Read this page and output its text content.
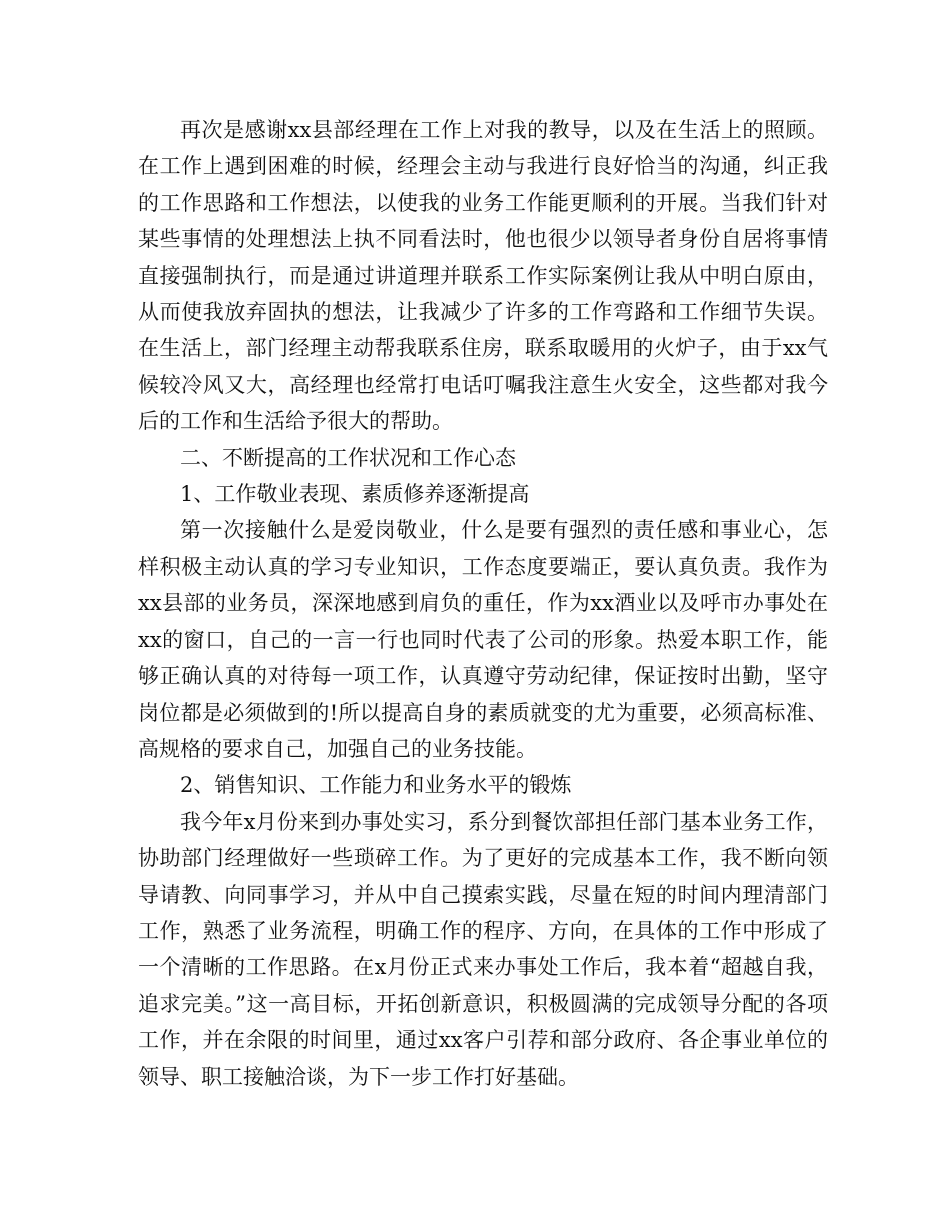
再次是感谢xx县部经理在工作上对我的教导，以及在生活上的照顾。在工作上遇到困难的时候，经理会主动与我进行良好恰当的沟通，纠正我的工作思路和工作想法，以使我的业务工作能更顺利的开展。当我们针对某些事情的处理想法上执不同看法时，他也很少以领导者身份自居将事情直接强制执行，而是通过讲道理并联系工作实际案例让我从中明白原由，从而使我放弃固执的想法，让我减少了许多的工作弯路和工作细节失误。在生活上，部门经理主动帮我联系住房，联系取暖用的火炉子，由于xx气候较冷风又大，高经理也经常打电话叮嘱我注意生火安全，这些都对我今后的工作和生活给予很大的帮助。

二、不断提高的工作状况和工作心态

1、工作敬业表现、素质修养逐渐提高

第一次接触什么是爱岗敬业，什么是要有强烈的责任感和事业心，怎样积极主动认真的学习专业知识，工作态度要端正，要认真负责。我作为xx县部的业务员，深深地感到肩负的重任，作为xx酒业以及呼市办事处在xx的窗口，自己的一言一行也同时代表了公司的形象。热爱本职工作，能够正确认真的对待每一项工作，认真遵守劳动纪律，保证按时出勤，坚守岗位都是必须做到的!所以提高自身的素质就变的尤为重要，必须高标准、高规格的要求自己，加强自己的业务技能。

2、销售知识、工作能力和业务水平的锻炼

我今年x月份来到办事处实习，系分到餐饮部担任部门基本业务工作，协助部门经理做好一些琐碎工作。为了更好的完成基本工作，我不断向领导请教、向同事学习，并从中自己摸索实践，尽量在短的时间内理清部门工作，熟悉了业务流程，明确工作的程序、方向，在具体的工作中形成了一个清晰的工作思路。在x月份正式来办事处工作后，我本着“超越自我，追求完美。”这一高目标，开拓创新意识，积极圆满的完成领导分配的各项工作，并在余限的时间里，通过xx客户引荐和部分政府、各企事业单位的领导、职工接触洽谈，为下一步工作打好基础。
